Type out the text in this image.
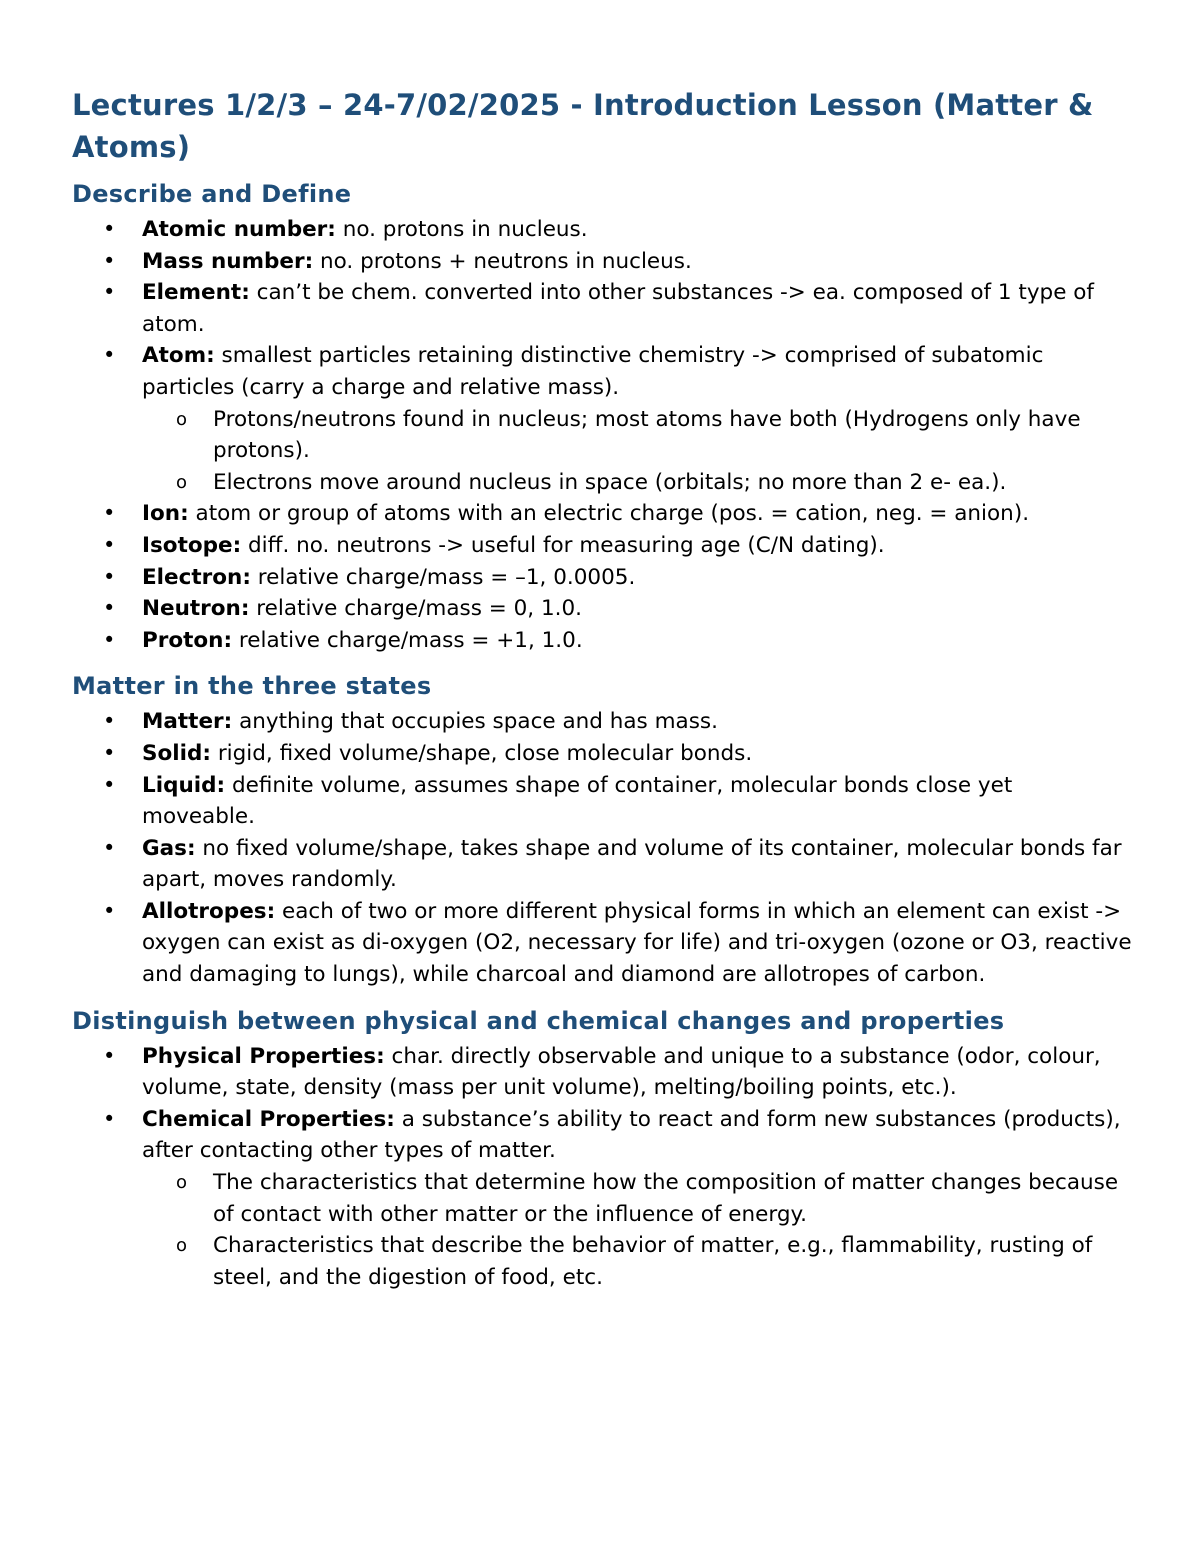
Lectures 1/2/3 – 24-7/02/2025 - Introduction Lesson (Matter & Atoms)
Describe and Define
• Atomic number: no. protons in nucleus.
• Mass number: no. protons + neutrons in nucleus.
• Element: can’t be chem. converted into other substances -> ea. composed of 1 type of atom.
• Atom: smallest particles retaining distinctive chemistry -> comprised of subatomic particles (carry a charge and relative mass).
o Protons/neutrons found in nucleus; most atoms have both (Hydrogens only have protons).
o Electrons move around nucleus in space (orbitals; no more than 2 e- ea.).
• Ion: atom or group of atoms with an electric charge (pos. = cation, neg. = anion).
• Isotope: diff. no. neutrons -> useful for measuring age (C/N dating).
• Electron: relative charge/mass = –1, 0.0005.
• Neutron: relative charge/mass = 0, 1.0.
• Proton: relative charge/mass = +1, 1.0.
Matter in the three states
• Matter: anything that occupies space and has mass.
• Solid: rigid, fixed volume/shape, close molecular bonds.
• Liquid: definite volume, assumes shape of container, molecular bonds close yet moveable.
• Gas: no fixed volume/shape, takes shape and volume of its container, molecular bonds far apart, moves randomly.
• Allotropes: each of two or more different physical forms in which an element can exist -> oxygen can exist as di-oxygen (O2, necessary for life) and tri-oxygen (ozone or O3, reactive and damaging to lungs), while charcoal and diamond are allotropes of carbon.
Distinguish between physical and chemical changes and properties
• Physical Properties: char. directly observable and unique to a substance (odor, colour, volume, state, density (mass per unit volume), melting/boiling points, etc.).
• Chemical Properties: a substance’s ability to react and form new substances (products), after contacting other types of matter.
o The characteristics that determine how the composition of matter changes because of contact with other matter or the influence of energy.
o Characteristics that describe the behavior of matter, e.g., flammability, rusting of steel, and the digestion of food, etc.
